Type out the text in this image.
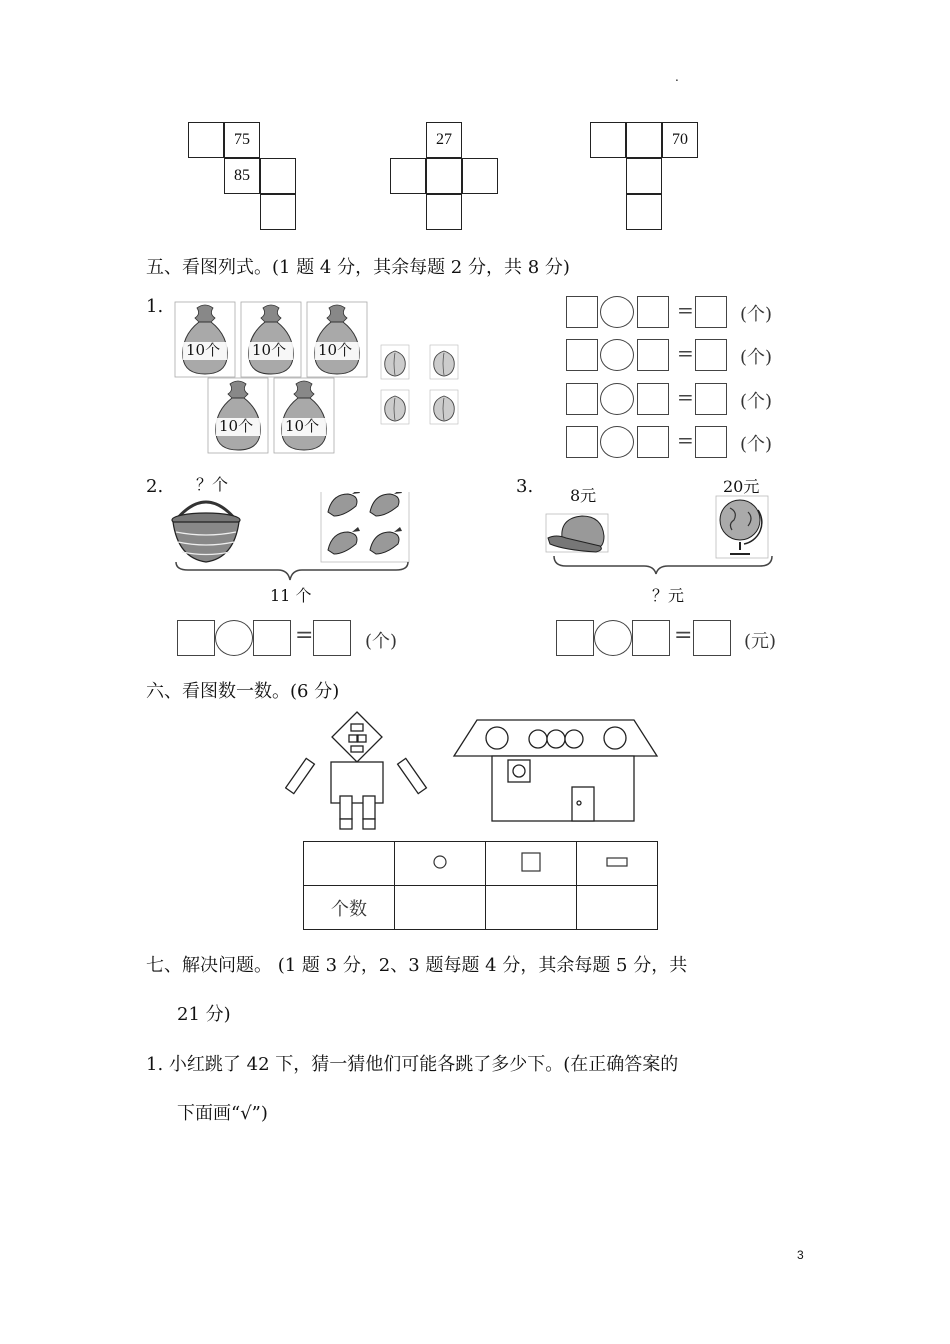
.
3
75
85
27	70
五、看图列式。(1 题 4 分，其余每题 2 分，共 8 分)
1.
10个 10个 10个
10个 10个
=	(个)
=	(个)
=	(个)
=	(个)
2. ？个
11 个
=	(个)
3. 8元	20元
？元
=	(元)
六、看图数一数。(6 分)

个数			
七、解决问题。 (1 题 3 分，2、3 题每题 4 分，其余每题 5 分，共
21 分)
1. 小红跳了 42 下，猜一猜他们可能各跳了多少下。(在正确答案的
下面画“√”)
